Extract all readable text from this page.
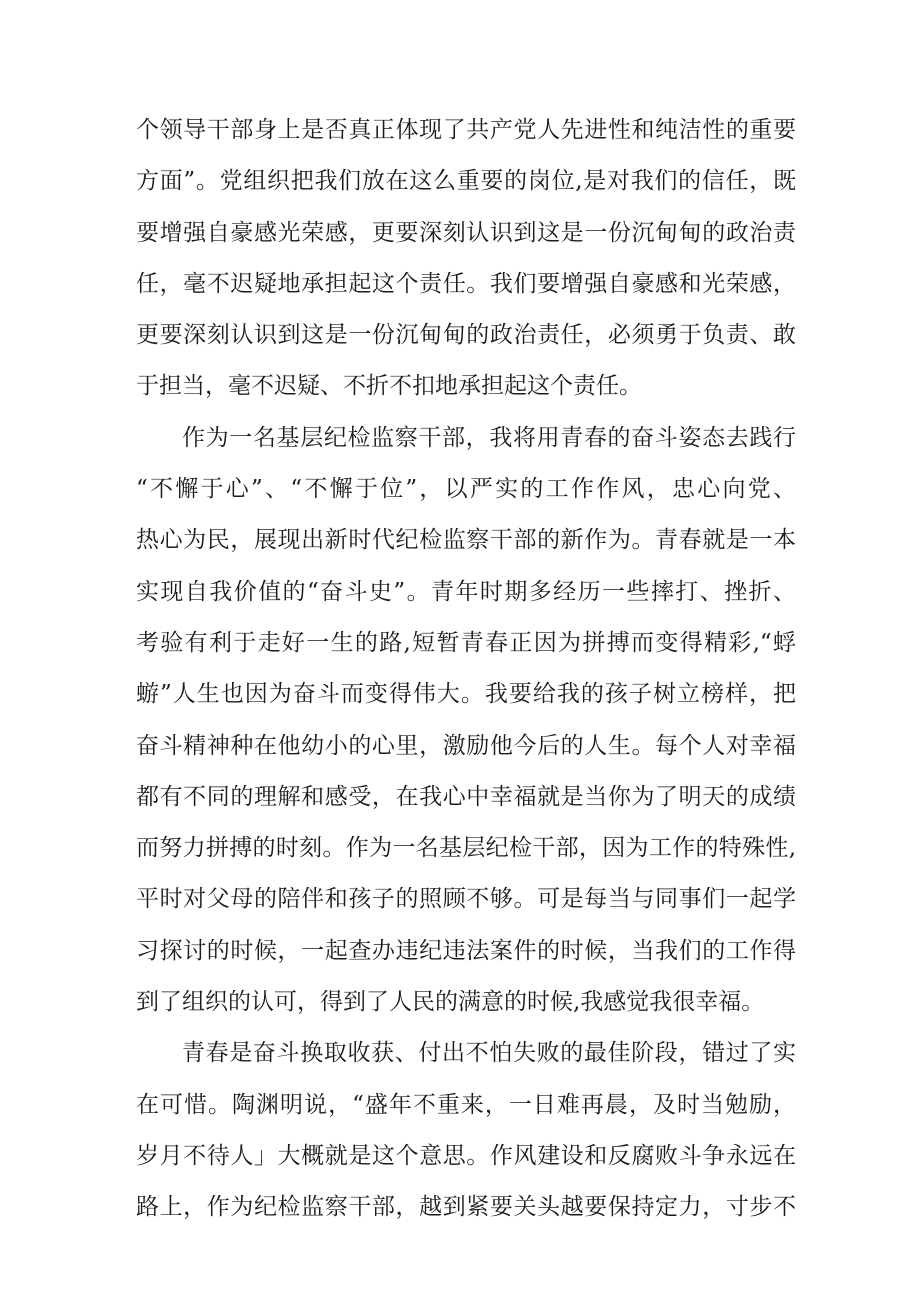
个领导干部身上是否真正体现了共产党人先进性和纯洁性的重要
方面”。党组织把我们放在这么重要的岗位,是对我们的信任，既
要增强自豪感光荣感，更要深刻认识到这是一份沉甸甸的政治责
任，毫不迟疑地承担起这个责任。我们要增强自豪感和光荣感，
更要深刻认识到这是一份沉甸甸的政治责任，必须勇于负责、敢
于担当，毫不迟疑、不折不扣地承担起这个责任。
作为一名基层纪检监察干部，我将用青春的奋斗姿态去践行
“不懈于心”、“不懈于位”，以严实的工作作风，忠心向党、
热心为民，展现出新时代纪检监察干部的新作为。青春就是一本
实现自我价值的“奋斗史”。青年时期多经历一些摔打、挫折、
考验有利于走好一生的路,短暂青春正因为拼搏而变得精彩,“蜉
蝣”人生也因为奋斗而变得伟大。我要给我的孩子树立榜样，把
奋斗精神种在他幼小的心里，激励他今后的人生。每个人对幸福
都有不同的理解和感受，在我心中幸福就是当你为了明天的成绩
而努力拼搏的时刻。作为一名基层纪检干部，因为工作的特殊性,
平时对父母的陪伴和孩子的照顾不够。可是每当与同事们一起学
习探讨的时候，一起查办违纪违法案件的时候，当我们的工作得
到了组织的认可，得到了人民的满意的时候,我感觉我很幸福。
青春是奋斗换取收获、付出不怕失败的最佳阶段，错过了实
在可惜。陶渊明说，“盛年不重来，一日难再晨，及时当勉励，
岁月不待人」大概就是这个意思。作风建设和反腐败斗争永远在
路上，作为纪检监察干部，越到紧要关头越要保持定力，寸步不
